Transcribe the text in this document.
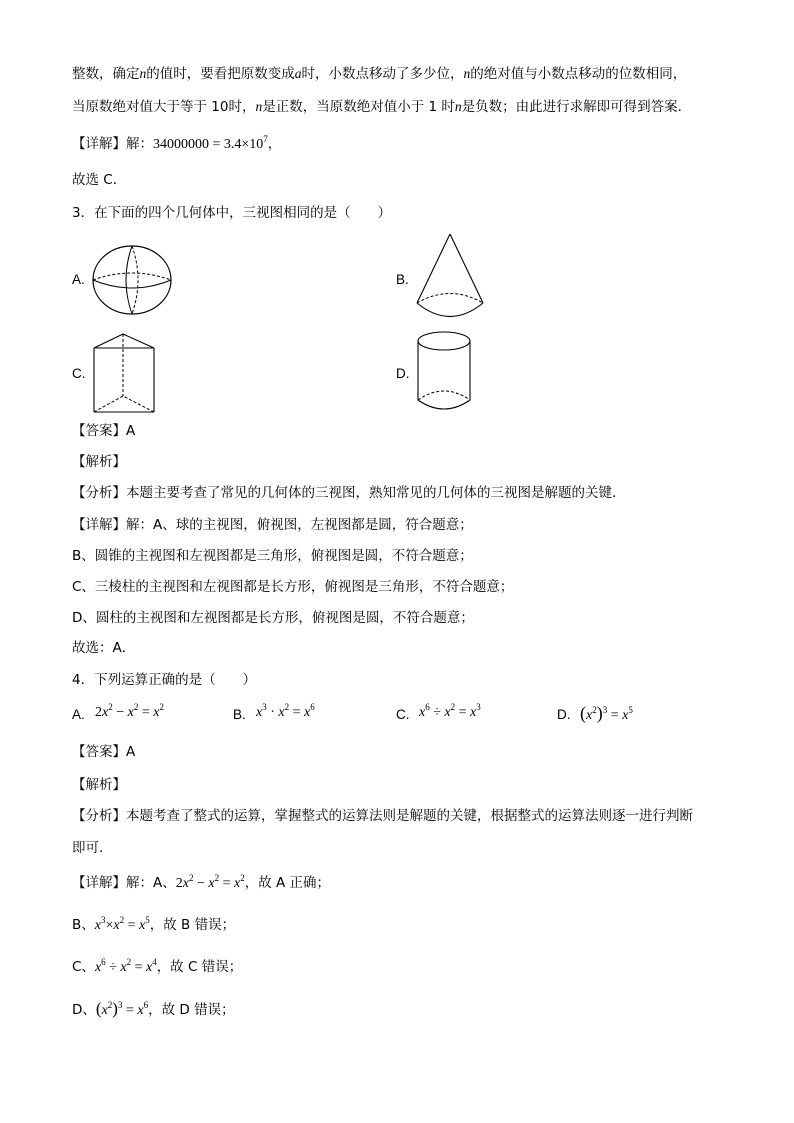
整数，确定n的值时，要看把原数变成a时，小数点移动了多少位，n的绝对值与小数点移动的位数相同，
当原数绝对值大于等于 10时，n是正数，当原数绝对值小于 1 时n是负数；由此进行求解即可得到答案．
【详解】解：$34000000 = 3.4\times 10^7$，
故选 C．
3．在下面的四个几何体中，三视图相同的是（　　）
A.	B.
C.	D.
【答案】A
【解析】
【分析】本题主要考查了常见的几何体的三视图，熟知常见的几何体的三视图是解题的关键．
【详解】解：A、球的主视图，俯视图，左视图都是圆，符合题意；
B、圆锥的主视图和左视图都是三角形，俯视图是圆，不符合题意；
C、三棱柱的主视图和左视图都是长方形，俯视图是三角形，不符合题意；
D、圆柱的主视图和左视图都是长方形，俯视图是圆，不符合题意；
故选：A．
4．下列运算正确的是（　　）
A. $2x^2 - x^2 = x^2$	B. $x^3 \cdot x^2 = x^6$	C. $x^6 \div x^2 = x^3$	D. $(x^2)^3 = x^5$
【答案】A
【解析】
【分析】本题考查了整式的运算，掌握整式的运算法则是解题的关键，根据整式的运算法则逐一进行判断
即可．
【详解】解：A、$2x^2 - x^2 = x^2$，故 A 正确；
B、$x^3\times x^2 = x^5$，故 B 错误；
C、$x^6 \div x^2 = x^4$，故 C 错误；
D、$(x^2)^3 = x^6$，故 D 错误；
